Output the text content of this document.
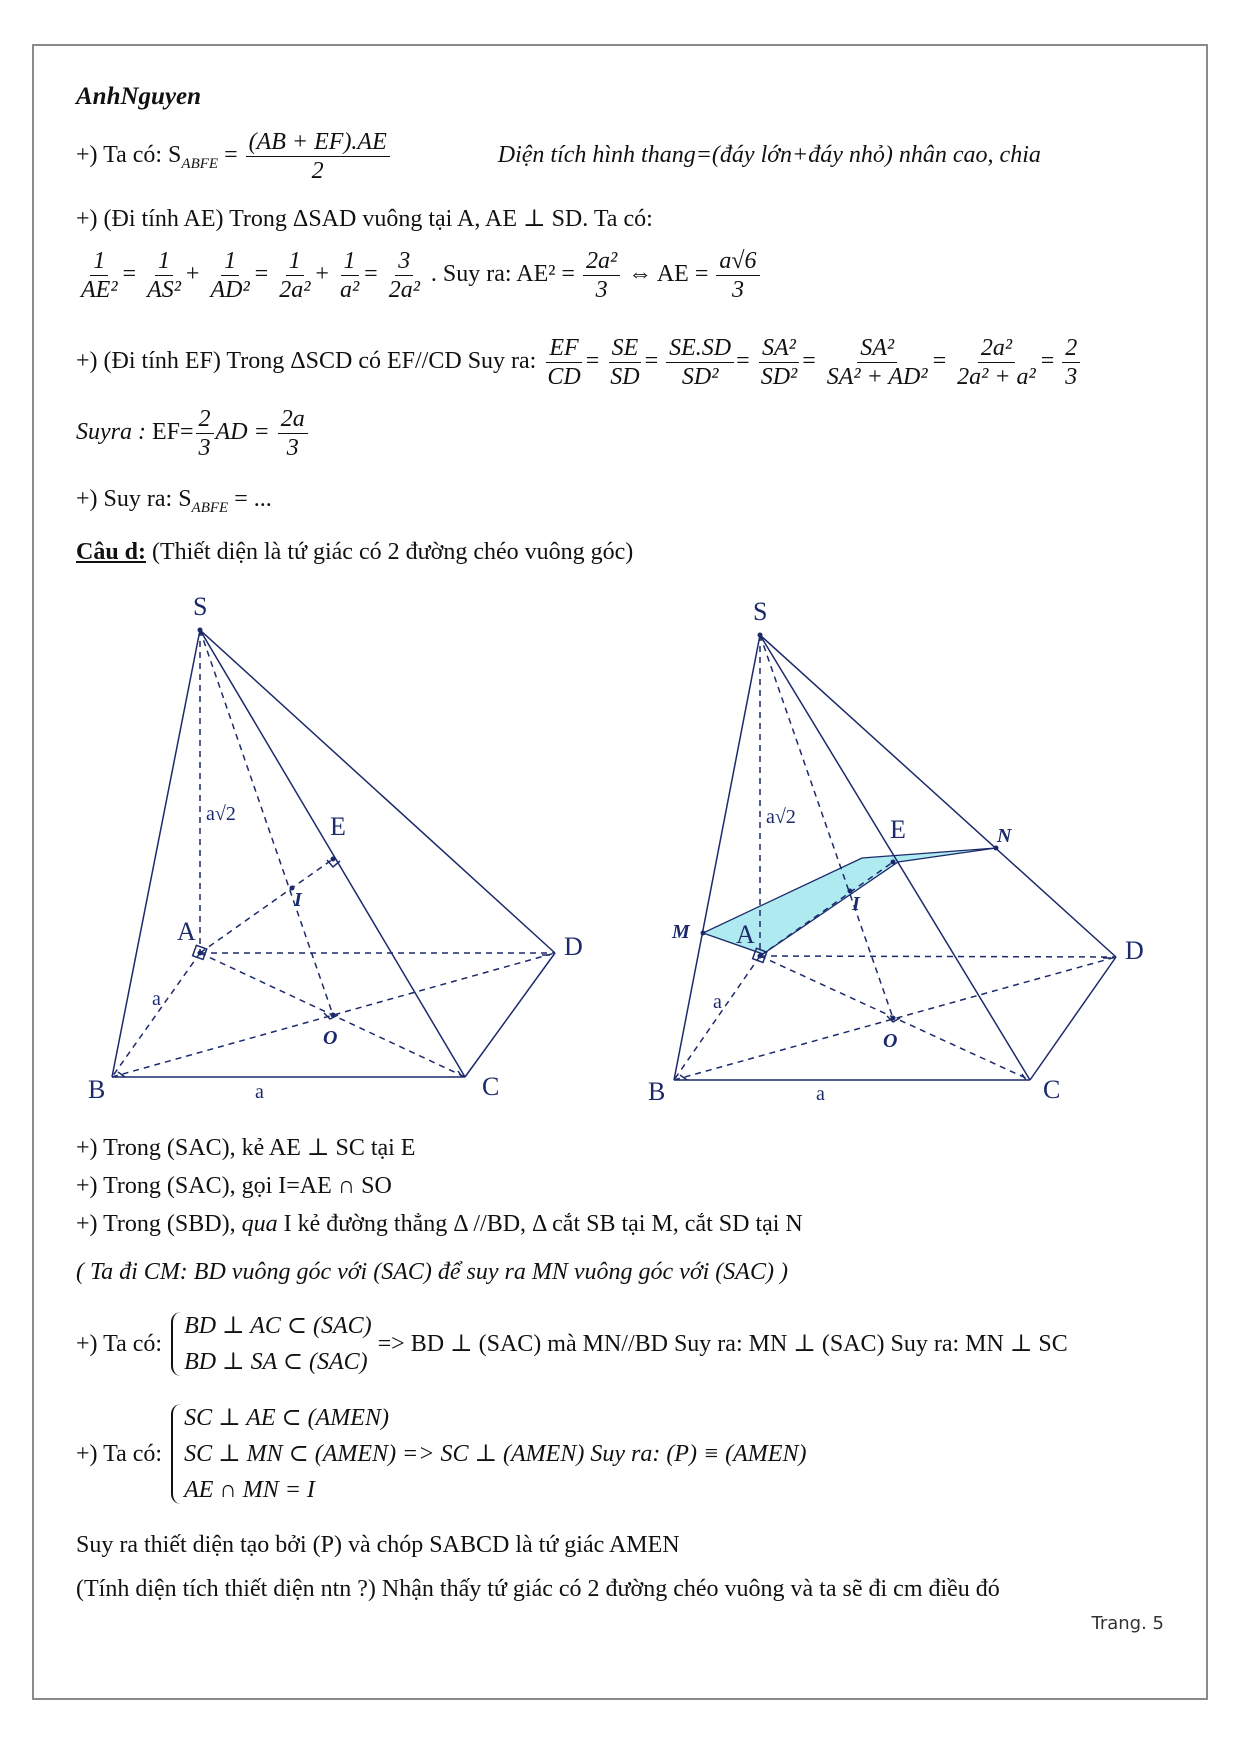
AnhNguyen
+) Ta có: $S_{ABFE} = \frac{(AB + EF).AE}{2}$	Diện tích hình thang=(đáy lớn+đáy nhỏ) nhân cao, chia
+) (Đi tính AE) Trong ΔSAD vuông tại A, AE ⊥ SD. Ta có:
$\frac{1}{\text{AE²}} = \frac{1}{\text{AS²}} + \frac{1}{\text{AD²}} = \frac{1}{\text{2a²}} + \frac{1}{\text{a²}} = \frac{3}{\text{2a²}}$ . Suy ra: $AE^2 = \frac{\text{2a²}}{3}$ ⇔ AE = $\frac{a√6}{3}$
+) (Đi tính EF) Trong ΔSCD có EF//CD Suy ra: $\frac{EF}{CD} = \frac{SE}{SD} = \frac{SE.SD}{\text{SD²}} = \frac{\text{SA²}}{\text{SD²}} = \frac{\text{SA²}}{\text{SA² + AD²}} = \frac{\text{2a²}}{\text{2a² + a²}} = \frac{2}{3}$
Suyra : $EF= \frac{2}{3}$ AD = $\frac{2a}{3}$
+) Suy ra: $S_{ABFE}$ = ...
Câu d: (Thiết diện là tứ giác có 2 đường chéo vuông góc)
S
A
B	C
D
E
I
O
a√2
a
a
S
A
B	C
D
E
I
O
M
N
a√2
a
a
+) Trong (SAC), kẻ AE ⊥ SC tại E
+) Trong (SAC), gọi I=AE ∩ SO
+) Trong (SBD), qua I kẻ đường thẳng Δ //BD, Δ cắt SB tại M, cắt SD tại N
( Ta đi CM: BD vuông góc với (SAC) để suy ra MN vuông góc với (SAC) )
+) Ta có:
BD ⊥ AC ⊂ (SAC)
BD ⊥ SA ⊂ (SAC)
=> BD ⊥ (SAC) mà MN//BD Suy ra: MN ⊥ (SAC) Suy ra: MN ⊥ SC
+) Ta có:
SC ⊥ AE ⊂ (AMEN)
SC ⊥ MN ⊂ (AMEN) => SC ⊥ (AMEN) Suy ra: (P) ≡ (AMEN)
AE ∩ MN = I
Suy ra thiết diện tạo bởi (P) và chóp SABCD là tứ giác AMEN
(Tính diện tích thiết diện ntn ?) Nhận thấy tứ giác có 2 đường chéo vuông và ta sẽ đi cm điều đó
Trang. 5
